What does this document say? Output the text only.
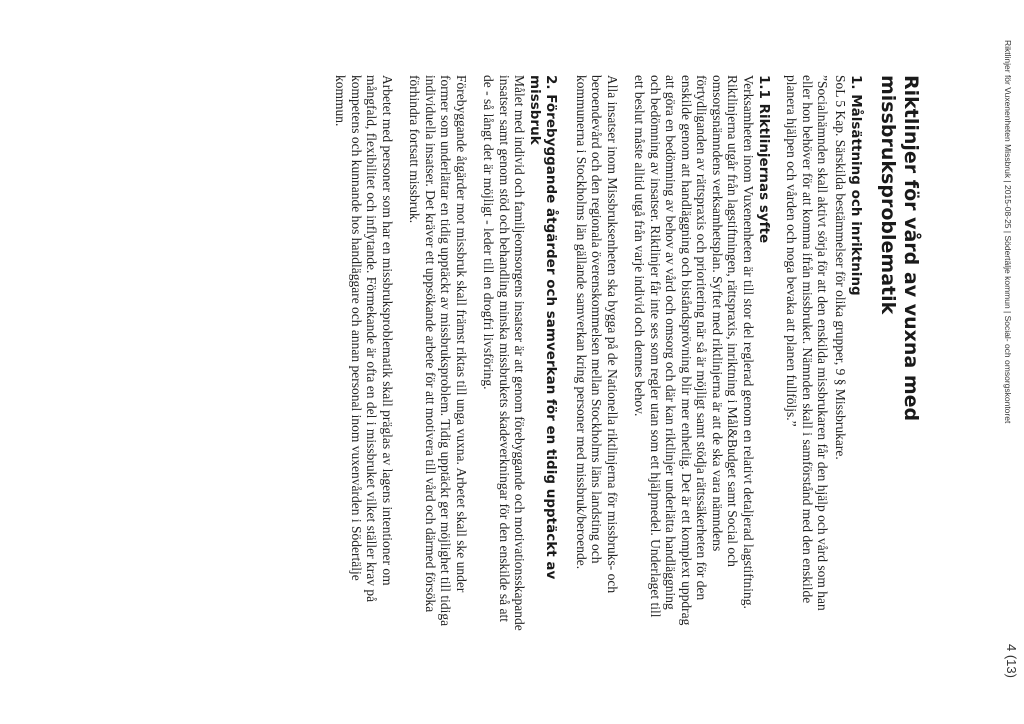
Riktlinjer för Vuxenenheten Missbruk | 2015-08-25 | Södertälje kommun | Social- och omsorgskontoret
4 (13)
Riktlinjer för vård av vuxna med missbruksproblematik
1. Målsättning och inriktning

SoL 5 Kap. Särskilda bestämmelser för olika grupper, 9 § Missbrukare.

”Socialnämnden skall aktivt sörja för att den enskilda missbrukaren får den hjälp och vård som han eller hon behöver för att komma ifrån missbruket. Nämnden skall i samförstånd med den enskilde planera hjälpen och vården och noga bevaka att planen fullföljs.”

1.1 Riktlinjernas syfte

Verksamheten inom Vuxenenheten är till stor del reglerad genom en relativt detaljerad lagstiftning. Riktlinjerna utgår från lagstiftningen, rättspraxis, inriktning i Mål&Budget samt Social och omsorgsnämndens verksamhetsplan. Syftet med riktlinjerna är att de ska vara nämndens förtydliganden av rättspraxis och prioritering när så är möjligt samt stödja rättssäkerheten för den enskilde genom att handläggning och biståndsprövning blir mer enhetlig. Det är ett komplext uppdrag att göra en bedömning av behov av vård och omsorg och där kan riktlinjer underlätta handläggning och bedömning av insatser. Riktlinjer får inte ses som regler utan som ett hjälpmedel. Underlaget till ett beslut måste alltid utgå från varje individ och dennes behov.

Alla insatser inom Missbruksenheten ska bygga på de Nationella riktlinjerna för missbruks- och beroendevård och den regionala överenskommelsen mellan Stockholms läns landsting och kommunerna i Stockholms län gällande samverkan kring personer med missbruk/beroende.

2. Förebyggande åtgärder och samverkan för en tidig upptäckt av missbruk

Målet med individ och familjeomsorgens insatser är att genom förebyggande och motivationsskapande insatser samt genom stöd och behandling minska missbrukets skadeverkningar för den enskilde så att de - så långt det är möjligt - leder till en drogfri livsföring.

Förebyggande åtgärder mot missbruk skall främst riktas till unga vuxna. Arbetet skall ske under former som underlättar en tidig upptäckt av missbruksproblem. Tidig upptäckt ger möjlighet till tidiga individuella insatser. Det kräver ett uppsökande arbete för att motivera till vård och därmed försöka förhindra fortsatt missbruk.

Arbetet med personer som har en missbruksproblematik skall präglas av lagens intentioner om mångfald, flexibilitet och inflytande. Förmekande är ofta en del i missbruket vilket ställer krav på kompetens och kunnande hos handläggare och annan personal inom vuxenvården i Södertälje kommun.
